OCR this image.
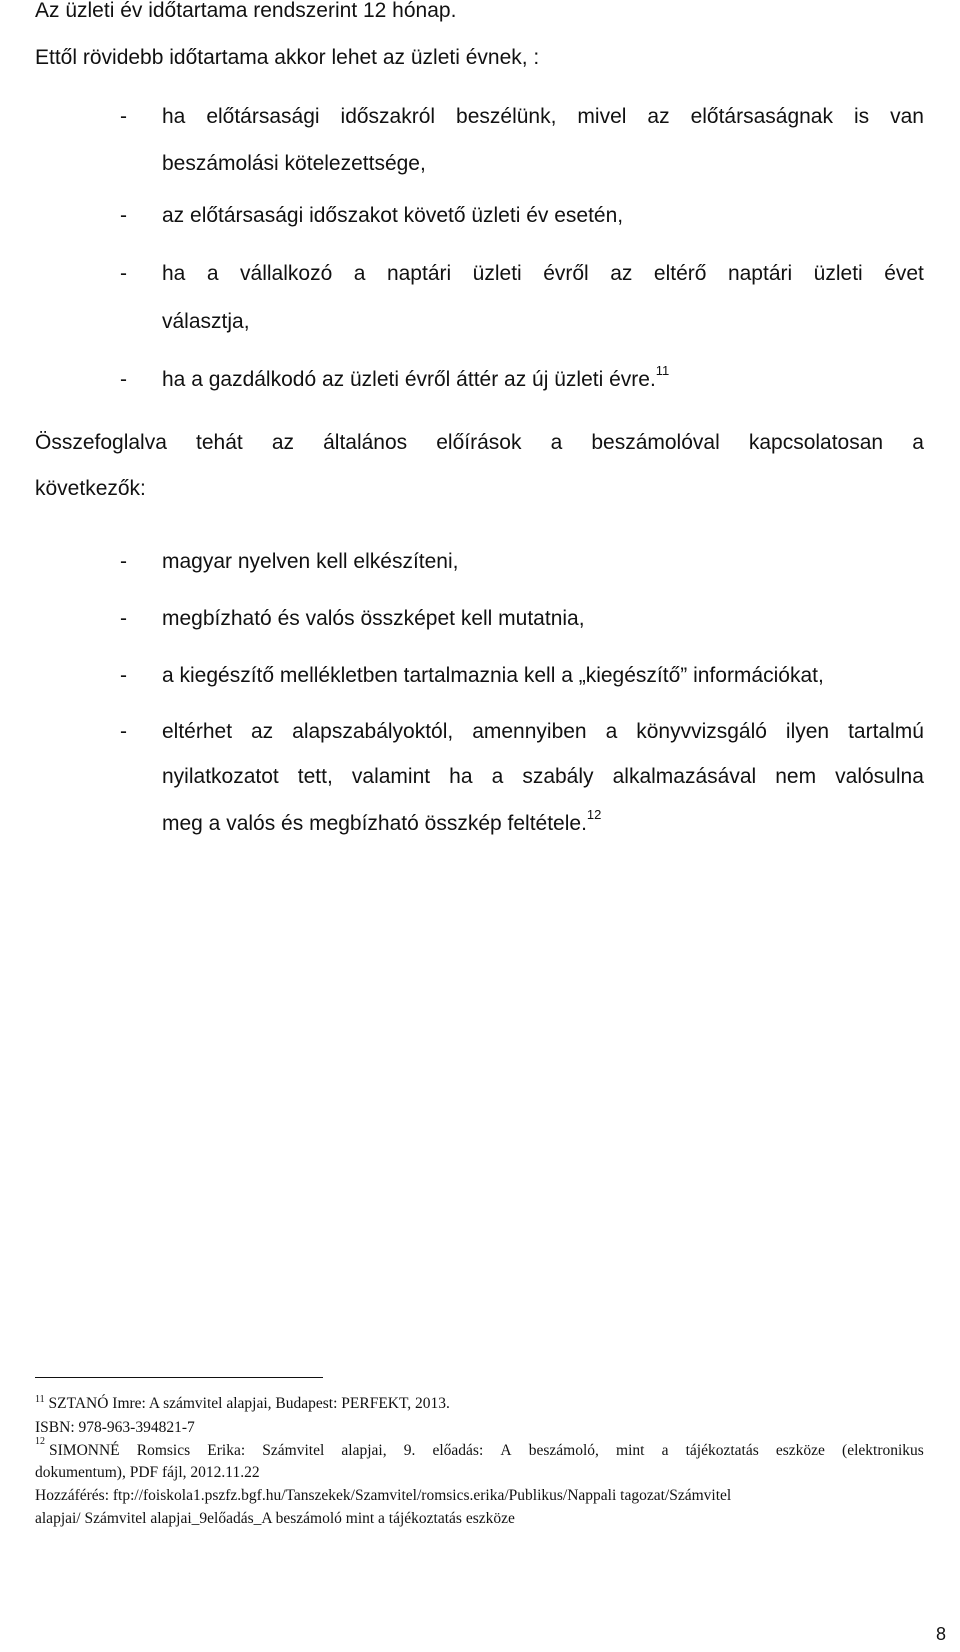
Az üzleti év időtartama rendszerint 12 hónap.
Ettől rövidebb időtartama akkor lehet az üzleti évnek, :
- ha előtársasági időszakról beszélünk, mivel az előtársaságnak is van
beszámolási kötelezettsége,
- az előtársasági időszakot követő üzleti év esetén,
- ha a vállalkozó a naptári üzleti évről az eltérő naptári üzleti évet
választja,
- ha a gazdálkodó az üzleti évről áttér az új üzleti évre.$^{11}$
Összefoglalva tehát az általános előírások a beszámolóval kapcsolatosan a
következők:
- magyar nyelven kell elkészíteni,
- megbízható és valós összképet kell mutatnia,
- a kiegészítő mellékletben tartalmaznia kell a „kiegészítő” információkat,
- eltérhet az alapszabályoktól, amennyiben a könyvvizsgáló ilyen tartalmú
nyilatkozatot tett, valamint ha a szabály alkalmazásával nem valósulna
meg a valós és megbízható összkép feltétele.$^{12}$
$^{11}$ SZTANÓ Imre: A számvitel alapjai, Budapest: PERFEKT, 2013.
ISBN: 978-963-394821-7
12
SIMONNÉ Romsics Erika: Számvitel alapjai, 9. előadás: A beszámoló, mint a tájékoztatás eszköze (elektronikus
dokumentum), PDF fájl, 2012.11.22
Hozzáférés: ftp://foiskola1.pszfz.bgf.hu/Tanszekek/Szamvitel/romsics.erika/Publikus/Nappali tagozat/Számvitel
alapjai/ Számvitel alapjai_9előadás_A beszámoló mint a tájékoztatás eszköze
8
